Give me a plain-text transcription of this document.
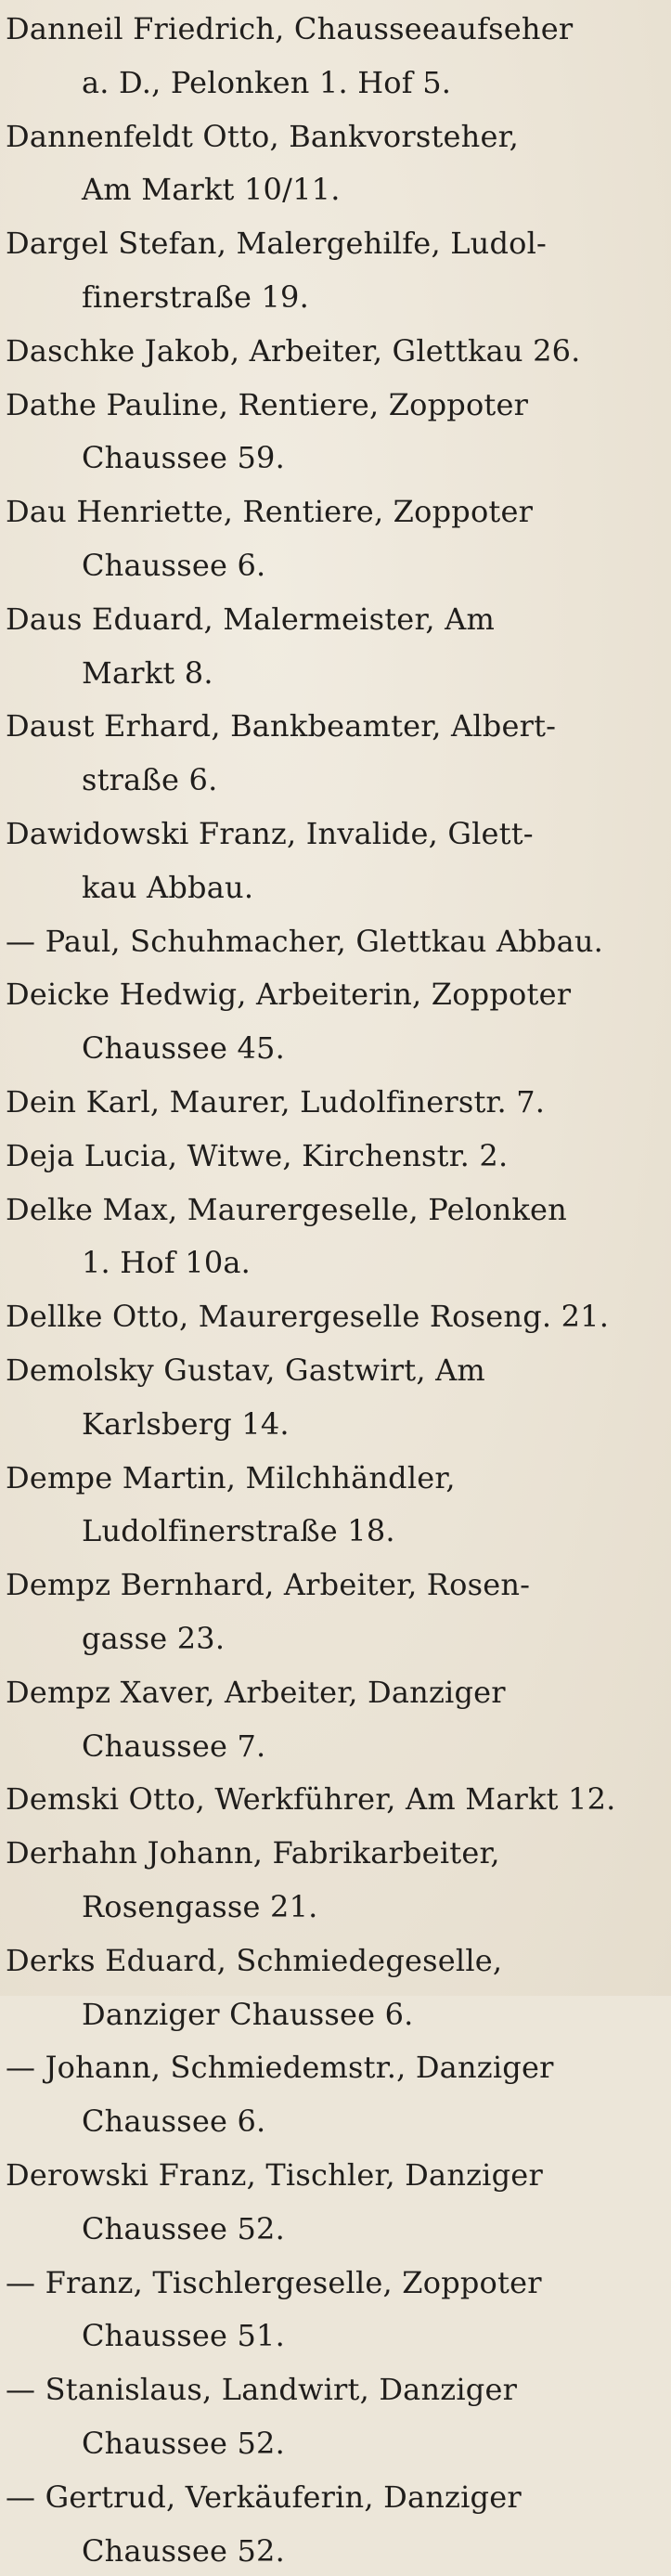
Danneil Friedrich, Chausseeaufseher
a. D., Pelonken 1. Hof 5.
Dannenfeldt Otto, Bankvorsteher,
Am Markt 10/11.
Dargel Stefan, Malergehilfe, Ludol-
finerstraße 19.
Daschke Jakob, Arbeiter, Glettkau 26.
Dathe Pauline, Rentiere, Zoppoter
Chaussee 59.
Dau Henriette, Rentiere, Zoppoter
Chaussee 6.
Daus Eduard, Malermeister, Am
Markt 8.
Daust Erhard, Bankbeamter, Albert-
straße 6.
Dawidowski Franz, Invalide, Glett-
kau Abbau.
— Paul, Schuhmacher, Glettkau Abbau.
Deicke Hedwig, Arbeiterin, Zoppoter
Chaussee 45.
Dein Karl, Maurer, Ludolfinerstr. 7.
Deja Lucia, Witwe, Kirchenstr. 2.
Delke Max, Maurergeselle, Pelonken
1. Hof 10a.
Dellke Otto, Maurergeselle Roseng. 21.
Demolsky Gustav, Gastwirt, Am
Karlsberg 14.
Dempe Martin, Milchhändler,
Ludolfinerstraße 18.
Dempz Bernhard, Arbeiter, Rosen-
gasse 23.
Dempz Xaver, Arbeiter, Danziger
Chaussee 7.
Demski Otto, Werkführer, Am Markt 12.
Derhahn Johann, Fabrikarbeiter,
Rosengasse 21.
Derks Eduard, Schmiedegeselle,
Danziger Chaussee 6.
— Johann, Schmiedemstr., Danziger
Chaussee 6.
Derowski Franz, Tischler, Danziger
Chaussee 52.
— Franz, Tischlergeselle, Zoppoter
Chaussee 51.
— Stanislaus, Landwirt, Danziger
Chaussee 52.
— Gertrud, Verkäuferin, Danziger
Chaussee 52.
